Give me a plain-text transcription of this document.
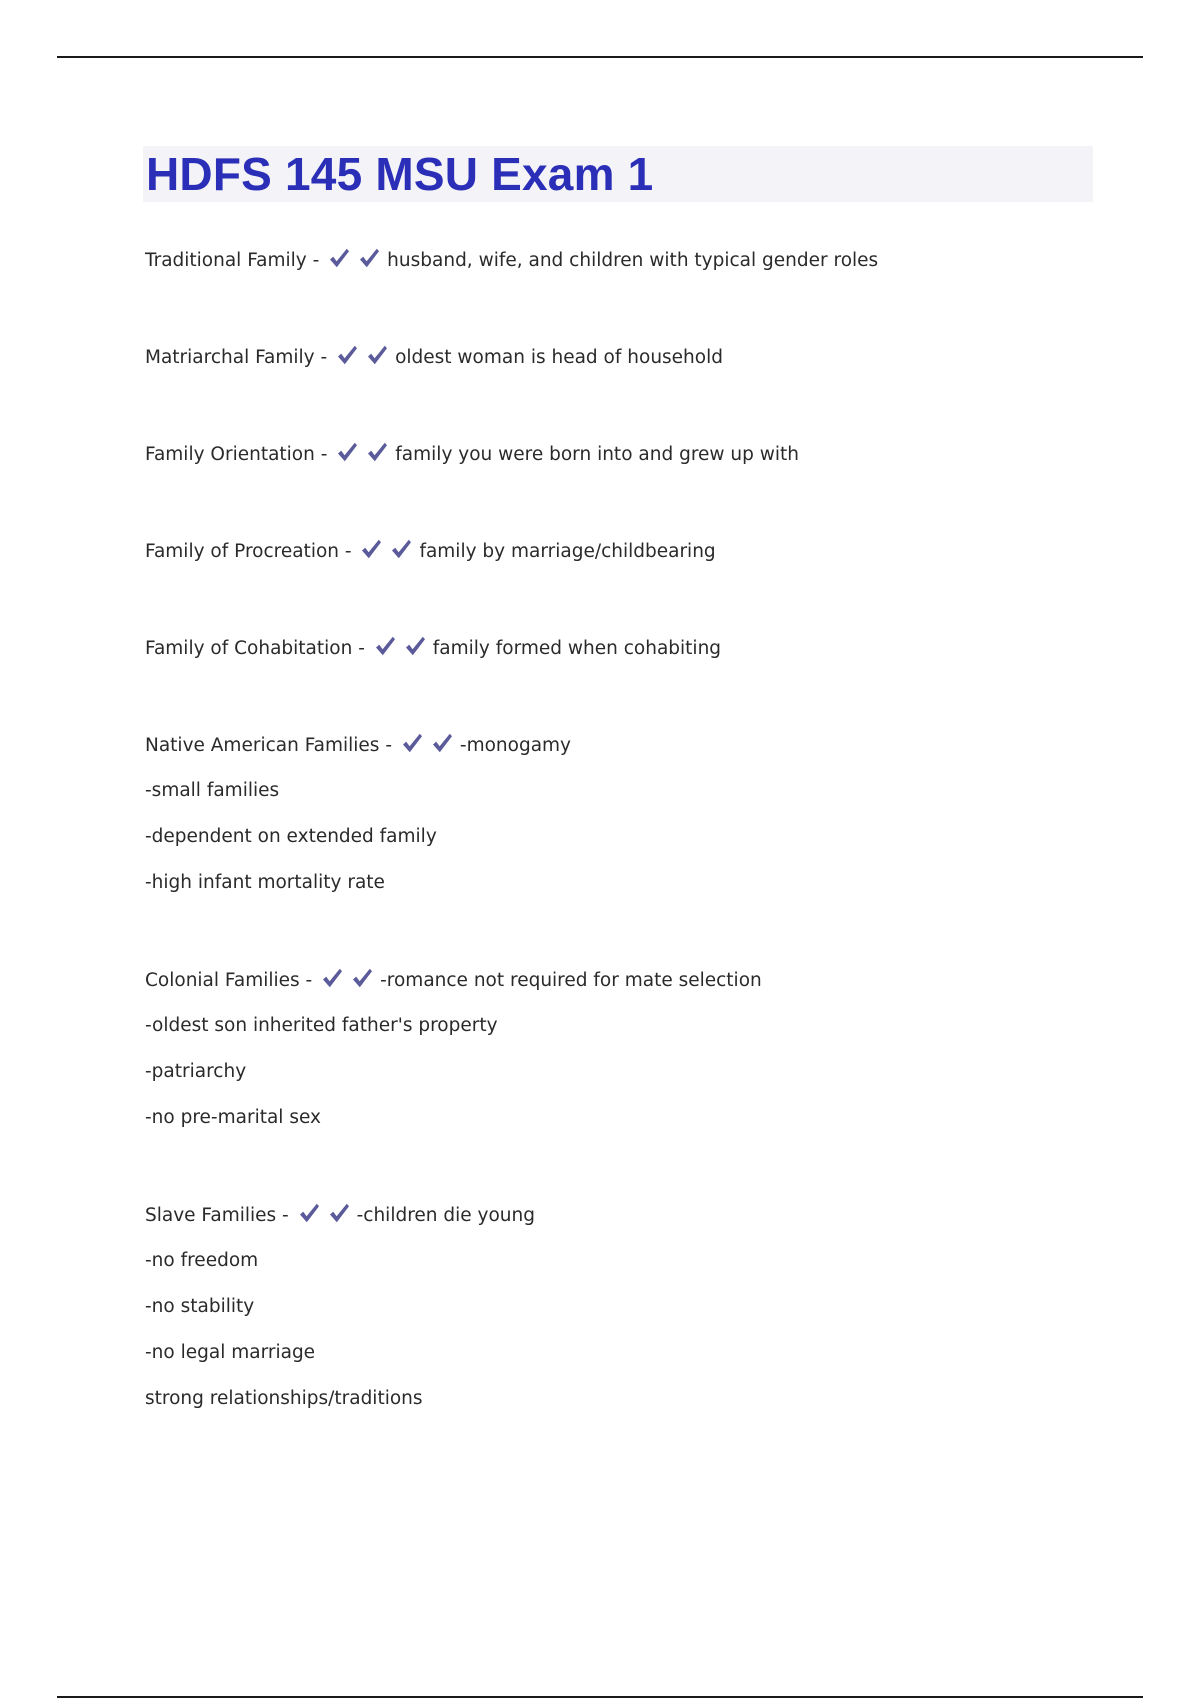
HDFS 145 MSU Exam 1
Traditional Family -	husband, wife, and children with typical gender roles
Matriarchal Family -	oldest woman is head of household
Family Orientation -	family you were born into and grew up with
Family of Procreation -	family by marriage/childbearing
Family of Cohabitation -	family formed when cohabiting
Native American Families -	-monogamy
-small families
-dependent on extended family
-high infant mortality rate
Colonial Families -	-romance not required for mate selection
-oldest son inherited father's property
-patriarchy
-no pre-marital sex
Slave Families -	-children die young
-no freedom
-no stability
-no legal marriage
strong relationships/traditions
